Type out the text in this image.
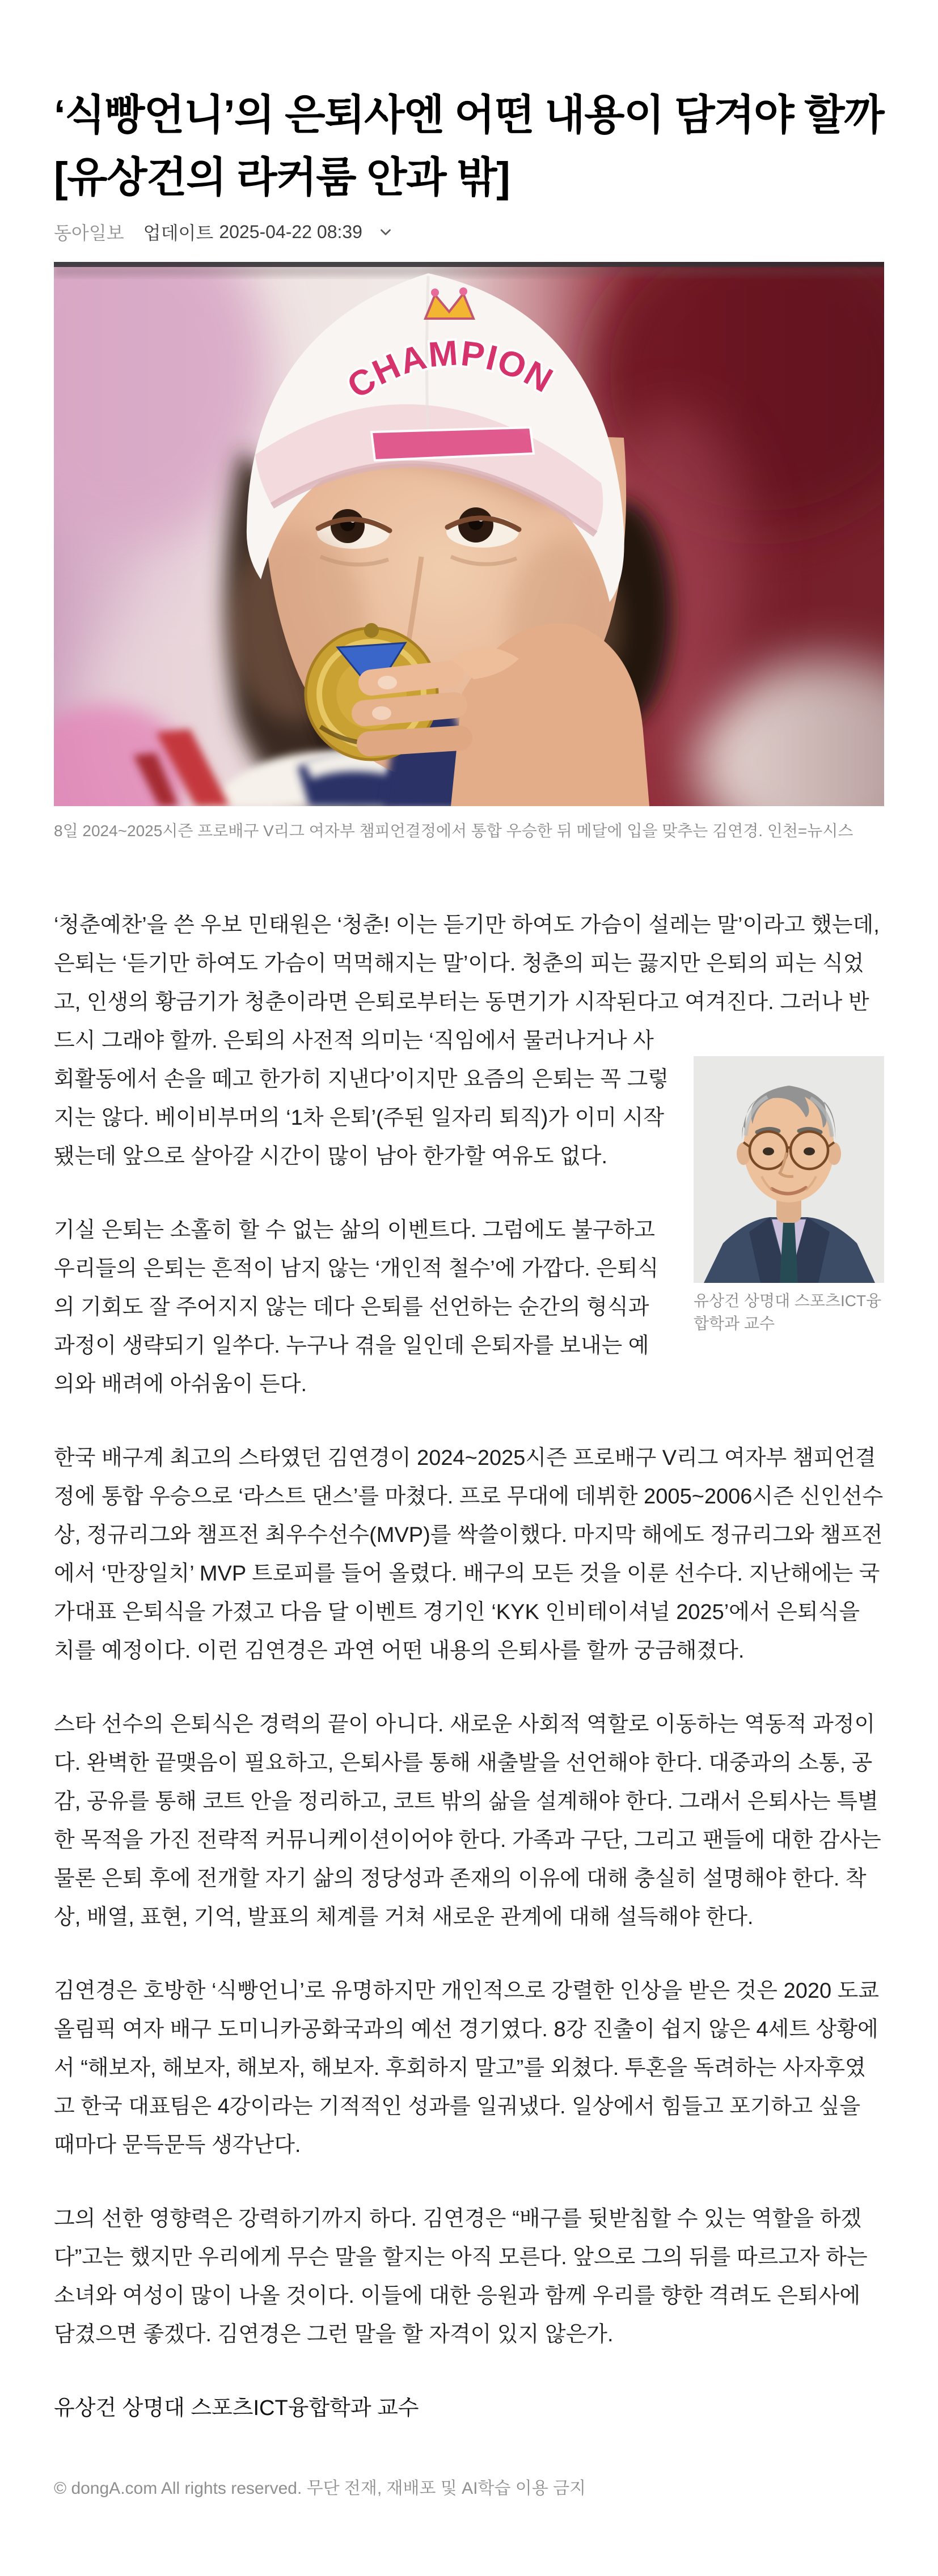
‘식빵언니’의 은퇴사엔 어떤 내용이 담겨야 할까
[유상건의 라커룸 안과 밖]
동아일보 업데이트 2025-04-22 08:39
8일 2024~2025시즌 프로배구 V리그 여자부 챔피언결정에서 통합 우승한 뒤 메달에 입을 맞추는 김연경. 인천=뉴시스
유상건 상명대 스포츠ICT융합학과 교수

‘청춘예찬’을 쓴 우보 민태원은 ‘청춘! 이는 듣기만 하여도 가슴이 설레는 말’이라고 했는데, 은퇴는 ‘듣기만 하여도 가슴이 먹먹해지는 말’이다. 청춘의 피는 끓지만 은퇴의 피는 식었고, 인생의 황금기가 청춘이라면 은퇴로부터는 동면기가 시작된다고 여겨진다. 그러나 반드시 그래야 할까. 은퇴의 사전적 의미는 ‘직임에서 물러나거나 사회활동에서 손을 떼고 한가히 지낸다’이지만 요즘의 은퇴는 꼭 그렇지는 않다. 베이비부머의 ‘1차 은퇴’(주된 일자리 퇴직)가 이미 시작됐는데 앞으로 살아갈 시간이 많이 남아 한가할 여유도 없다.

기실 은퇴는 소홀히 할 수 없는 삶의 이벤트다. 그럼에도 불구하고 우리들의 은퇴는 흔적이 남지 않는 ‘개인적 철수’에 가깝다. 은퇴식의 기회도 잘 주어지지 않는 데다 은퇴를 선언하는 순간의 형식과 과정이 생략되기 일쑤다. 누구나 겪을 일인데 은퇴자를 보내는 예의와 배려에 아쉬움이 든다.

한국 배구계 최고의 스타였던 김연경이 2024~2025시즌 프로배구 V리그 여자부 챔피언결정에 통합 우승으로 ‘라스트 댄스’를 마쳤다. 프로 무대에 데뷔한 2005~2006시즌 신인선수상, 정규리그와 챔프전 최우수선수(MVP)를 싹쓸이했다. 마지막 해에도 정규리그와 챔프전에서 ‘만장일치’ MVP 트로피를 들어 올렸다. 배구의 모든 것을 이룬 선수다. 지난해에는 국가대표 은퇴식을 가졌고 다음 달 이벤트 경기인 ‘KYK 인비테이셔널 2025’에서 은퇴식을 치를 예정이다. 이런 김연경은 과연 어떤 내용의 은퇴사를 할까 궁금해졌다.

스타 선수의 은퇴식은 경력의 끝이 아니다. 새로운 사회적 역할로 이동하는 역동적 과정이다. 완벽한 끝맺음이 필요하고, 은퇴사를 통해 새출발을 선언해야 한다. 대중과의 소통, 공감, 공유를 통해 코트 안을 정리하고, 코트 밖의 삶을 설계해야 한다. 그래서 은퇴사는 특별한 목적을 가진 전략적 커뮤니케이션이어야 한다. 가족과 구단, 그리고 팬들에 대한 감사는 물론 은퇴 후에 전개할 자기 삶의 정당성과 존재의 이유에 대해 충실히 설명해야 한다. 착상, 배열, 표현, 기억, 발표의 체계를 거쳐 새로운 관계에 대해 설득해야 한다.

김연경은 호방한 ‘식빵언니’로 유명하지만 개인적으로 강렬한 인상을 받은 것은 2020 도쿄 올림픽 여자 배구 도미니카공화국과의 예선 경기였다. 8강 진출이 쉽지 않은 4세트 상황에서 “해보자, 해보자, 해보자, 해보자. 후회하지 말고”를 외쳤다. 투혼을 독려하는 사자후였고 한국 대표팀은 4강이라는 기적적인 성과를 일궈냈다. 일상에서 힘들고 포기하고 싶을 때마다 문득문득 생각난다.

그의 선한 영향력은 강력하기까지 하다. 김연경은 “배구를 뒷받침할 수 있는 역할을 하겠다”고는 했지만 우리에게 무슨 말을 할지는 아직 모른다. 앞으로 그의 뒤를 따르고자 하는 소녀와 여성이 많이 나올 것이다. 이들에 대한 응원과 함께 우리를 향한 격려도 은퇴사에 담겼으면 좋겠다. 김연경은 그런 말을 할 자격이 있지 않은가.

유상건 상명대 스포츠ICT융합학과 교수
© dongA.com All rights reserved. 무단 전재, 재배포 및 AI학습 이용 금지
